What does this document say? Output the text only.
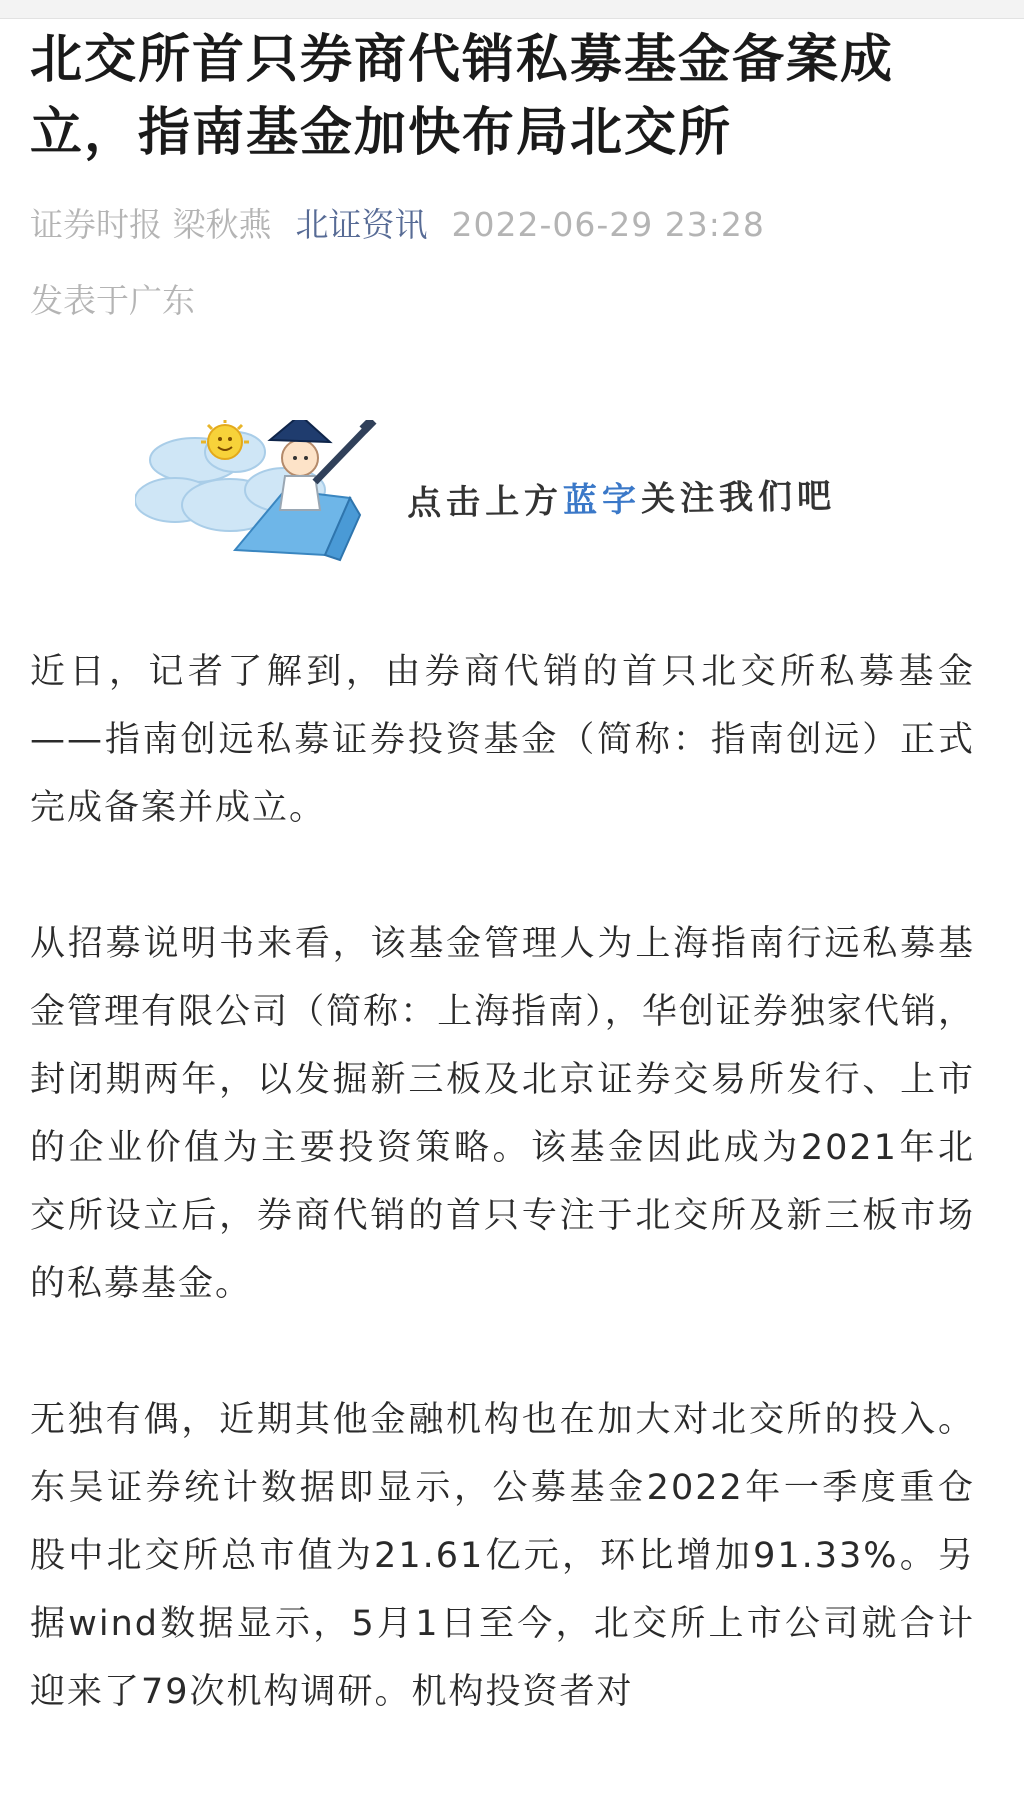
北交所首只券商代销私募基金备案成立，指南基金加快布局北交所
证券时报 梁秋燕 北证资讯 2022-06-29 23:28
发表于广东
点击上方蓝字关注我们吧

近日，记者了解到，由券商代销的首只北交所私募基金——指南创远私募证券投资基金（简称：指南创远）正式完成备案并成立。

从招募说明书来看，该基金管理人为上海指南行远私募基金管理有限公司（简称：上海指南），华创证券独家代销，封闭期两年，以发掘新三板及北京证券交易所发行、上市的企业价值为主要投资策略。该基金因此成为2021年北交所设立后，券商代销的首只专注于北交所及新三板市场的私募基金。

无独有偶，近期其他金融机构也在加大对北交所的投入。东吴证券统计数据即显示，公募基金2022年一季度重仓股中北交所总市值为21.61亿元，环比增加91.33%。另据wind数据显示，5月1日至今，北交所上市公司就合计迎来了79次机构调研。机构投资者对
